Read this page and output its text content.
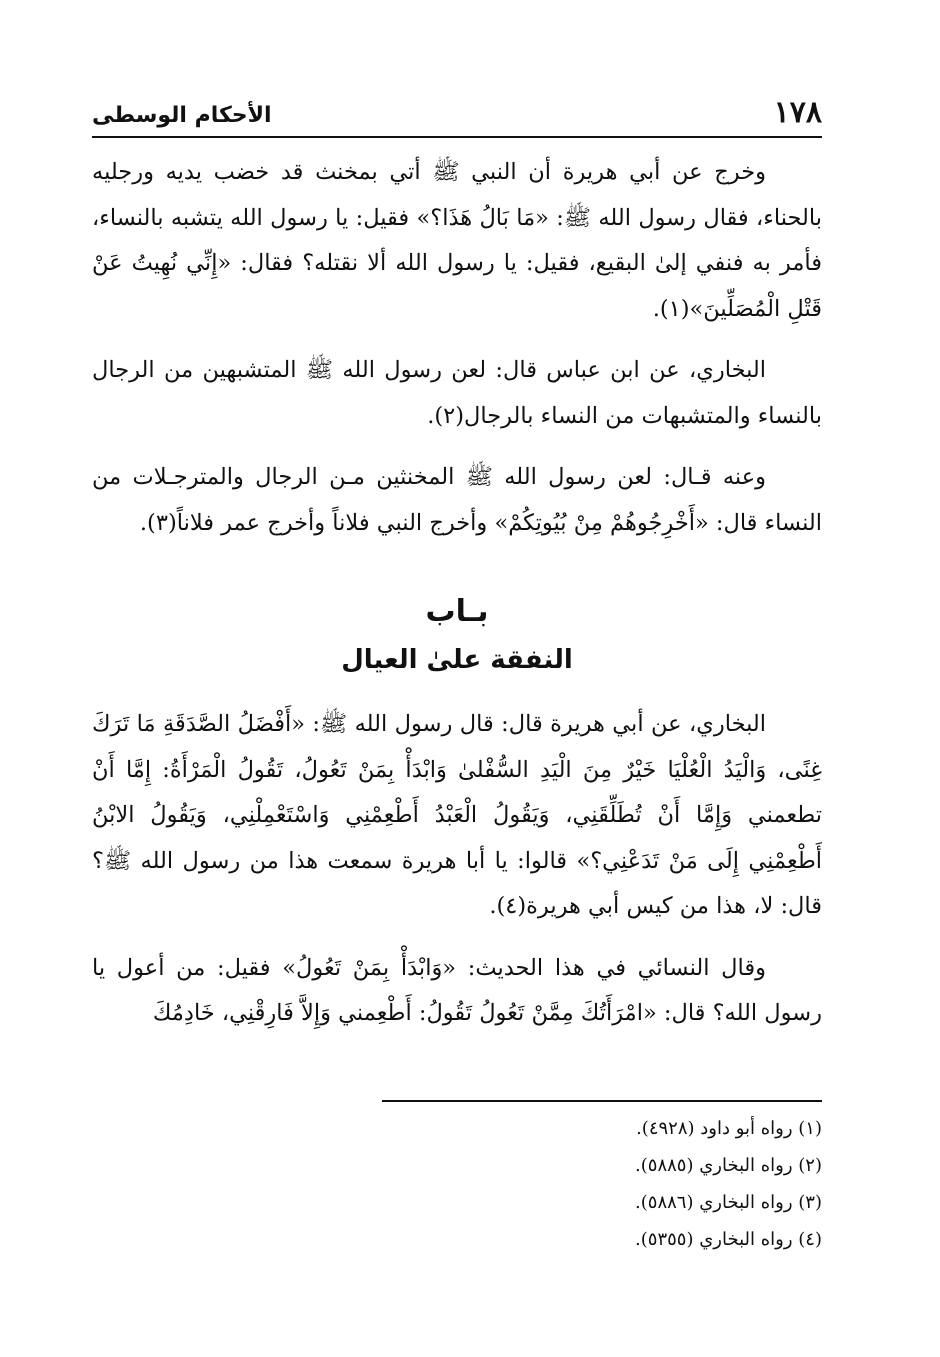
١٧٨
الأحكام الوسطى

وخرج عن أبي هريرة أن النبي ﷺ أتي بمخنث قد خضب يديه ورجليه بالحناء، فقال رسول الله ﷺ: «مَا بَالُ هَذَا؟» فقيل: يا رسول الله يتشبه بالنساء، فأمر به فنفي إلىٰ البقيع، فقيل: يا رسول الله ألا نقتله؟ فقال: «إِنِّي نُهِيتُ عَنْ قَتْلِ الْمُصَلِّينَ»(١).

البخاري، عن ابن عباس قال: لعن رسول الله ﷺ المتشبهين من الرجال بالنساء والمتشبهات من النساء بالرجال(٢).

وعنه قـال: لعن رسول الله ﷺ المخنثين مـن الرجال والمترجـلات من النساء قال: «أَخْرِجُوهُمْ مِنْ بُيُوتِكُمْ» وأخرج النبي فلاناً وأخرج عمر فلاناً(٣).

بـاب
النفقة علىٰ العيال

البخاري، عن أبي هريرة قال: قال رسول الله ﷺ: «أَفْضَلُ الصَّدَقَةِ مَا تَرَكَ غِنًى، وَالْيَدُ الْعُلْيَا خَيْرٌ مِنَ الْيَدِ السُّفْلىٰ وَابْدَأْ بِمَنْ تَعُولُ، تَقُولُ الْمَرْأَةُ: إِمَّا أَنْ تطعمني وَإِمَّا أَنْ تُطَلِّقَنِي، وَيَقُولُ الْعَبْدُ أَطْعِمْنِي وَاسْتَعْمِلْنِي، وَيَقُولُ الابْنُ أَطْعِمْنِي إِلَى مَنْ تَدَعْنِي؟» قالوا: يا أبا هريرة سمعت هذا من رسول الله ﷺ؟ قال: لا، هذا من كيس أبي هريرة(٤).

وقال النسائي في هذا الحديث: «وَابْدَأْ بِمَنْ تَعُولُ» فقيل: من أعول يا رسول الله؟ قال: «امْرَأَتُكَ مِمَّنْ تَعُولُ تَقُولُ: أَطْعِمني وَإِلاَّ فَارِقْنِي، خَادِمُكَ

(١) رواه أبو داود (٤٩٢٨).

(٢) رواه البخاري (٥٨٨٥).

(٣) رواه البخاري (٥٨٨٦).

(٤) رواه البخاري (٥٣٥٥).
